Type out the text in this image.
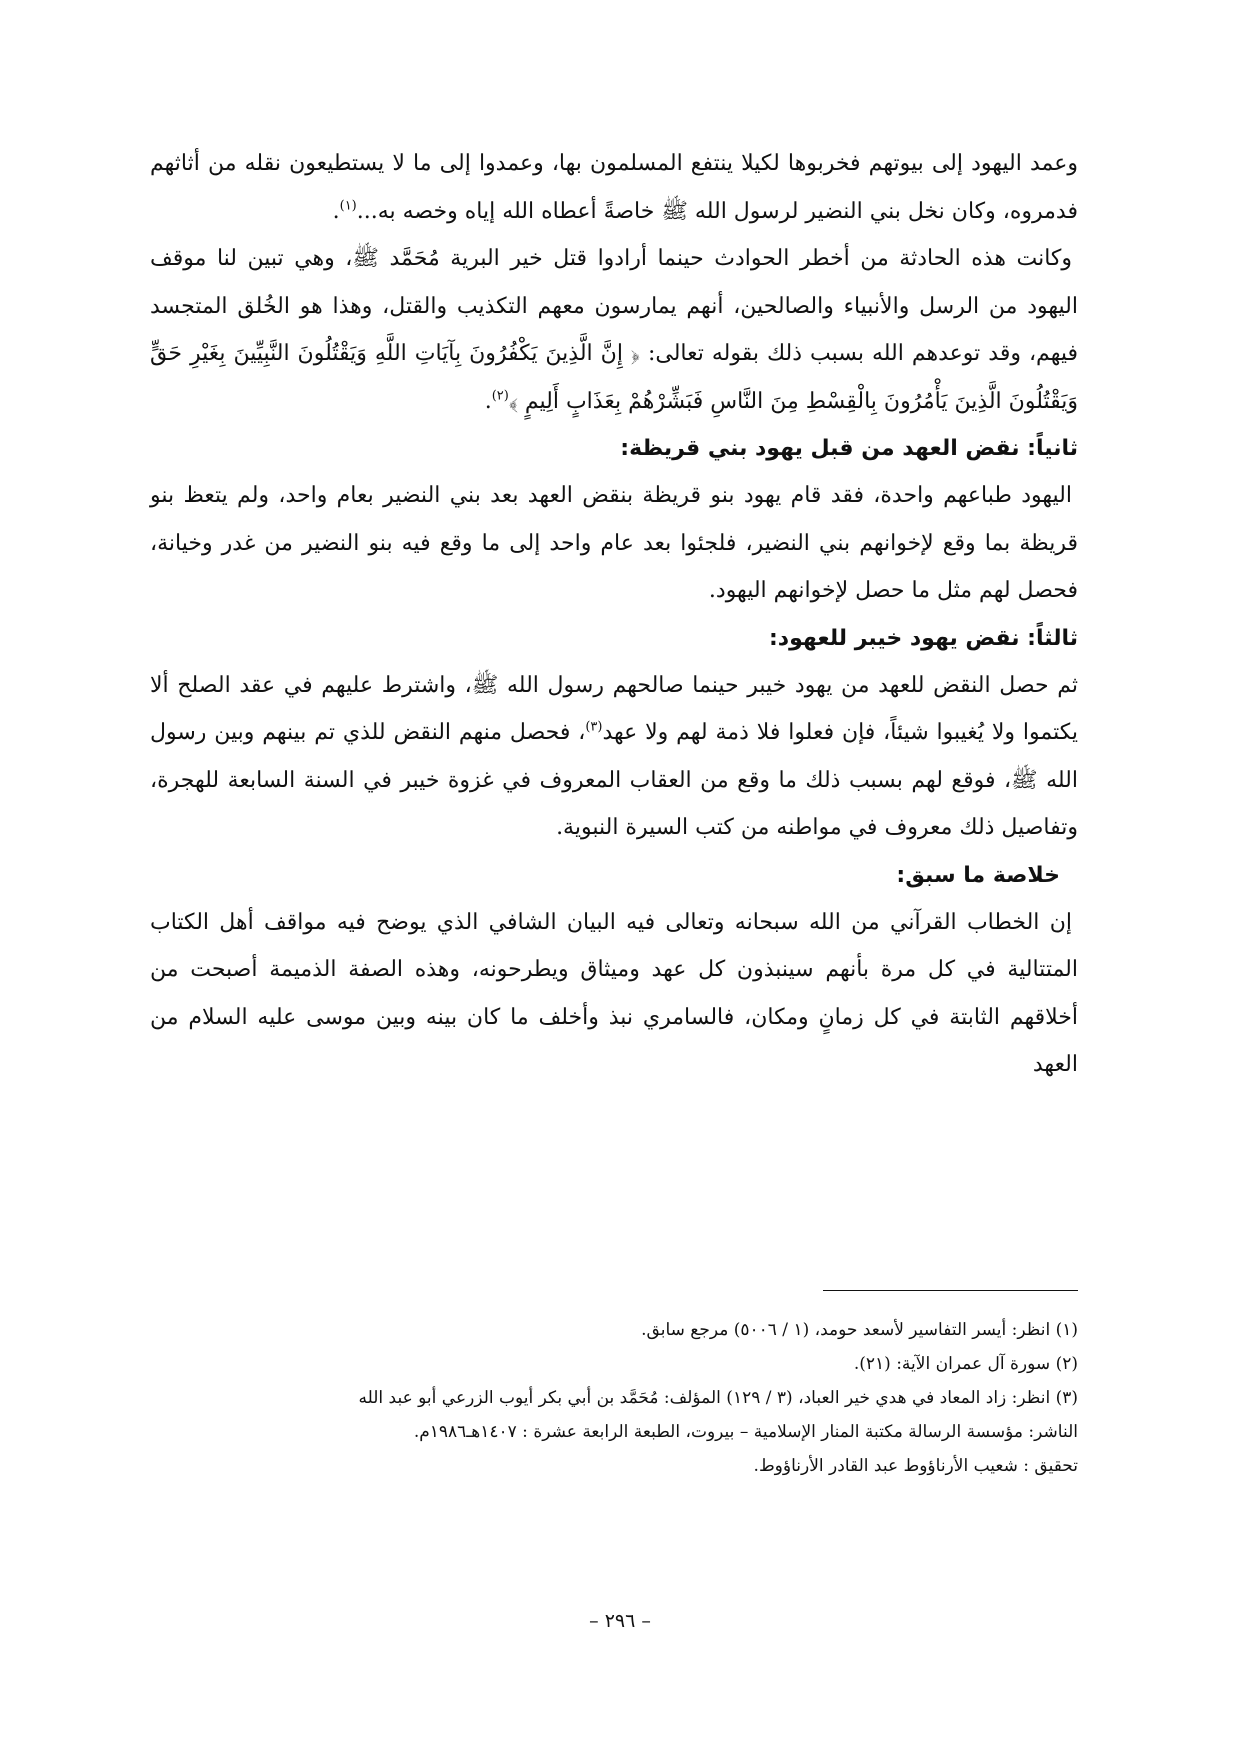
وعمد اليهود إلى بيوتهم فخربوها لكيلا ينتفع المسلمون بها، وعمدوا إلى ما لا يستطيعون نقله من أثاثهم فدمروه، وكان نخل بني النضير لرسول الله ﷺ خاصةً أعطاه الله إياه وخصه به...$^{(١)}$.

وكانت هذه الحادثة من أخطر الحوادث حينما أرادوا قتل خير البرية مُحَمَّد ﷺ، وهي تبين لنا موقف اليهود من الرسل والأنبياء والصالحين، أنهم يمارسون معهم التكذيب والقتل، وهذا هو الخُلق المتجسد فيهم، وقد توعدهم الله بسبب ذلك بقوله تعالى: ﴿ إِنَّ الَّذِينَ يَكْفُرُونَ بِآيَاتِ اللَّهِ وَيَقْتُلُونَ النَّبِيِّينَ بِغَيْرِ حَقٍّ وَيَقْتُلُونَ الَّذِينَ يَأْمُرُونَ بِالْقِسْطِ مِنَ النَّاسِ فَبَشِّرْهُمْ بِعَذَابٍ أَلِيمٍ ﴾$^{(٢)}$.

ثانياً: نقض العهد من قبل يهود بني قريظة:

اليهود طباعهم واحدة، فقد قام يهود بنو قريظة بنقض العهد بعد بني النضير بعام واحد، ولم يتعظ بنو قريظة بما وقع لإخوانهم بني النضير، فلجئوا بعد عام واحد إلى ما وقع فيه بنو النضير من غدر وخيانة، فحصل لهم مثل ما حصل لإخوانهم اليهود.

ثالثاً: نقض يهود خيبر للعهود:

ثم حصل النقض للعهد من يهود خيبر حينما صالحهم رسول الله ﷺ، واشترط عليهم في عقد الصلح ألا يكتموا ولا يُغيبوا شيئاً، فإن فعلوا فلا ذمة لهم ولا عهد$^{(٣)}$، فحصل منهم النقض للذي تم بينهم وبين رسول الله ﷺ، فوقع لهم بسبب ذلك ما وقع من العقاب المعروف في غزوة خيبر في السنة السابعة للهجرة، وتفاصيل ذلك معروف في مواطنه من كتب السيرة النبوية.

خلاصة ما سبق:

إن الخطاب القرآني من الله سبحانه وتعالى فيه البيان الشافي الذي يوضح فيه مواقف أهل الكتاب المتتالية في كل مرة بأنهم سينبذون كل عهد وميثاق ويطرحونه، وهذه الصفة الذميمة أصبحت من أخلاقهم الثابتة في كل زمانٍ ومكان، فالسامري نبذ وأخلف ما كان بينه وبين موسى عليه السلام من العهد

(١) انظر: أيسر التفاسير لأسعد حومد، (١ / ٥٠٠٦) مرجع سابق.

(٢) سورة آل عمران الآية: (٢١).

(٣) انظر: زاد المعاد في هدي خير العباد، (٣ / ١٢٩) المؤلف: مُحَمَّد بن أبي بكر أيوب الزرعي أبو عبد الله

الناشر: مؤسسة الرسالة مكتبة المنار الإسلامية – بيروت، الطبعة الرابعة عشرة : ١٤٠٧هـ١٩٨٦م.

تحقيق : شعيب الأرناؤوط عبد القادر الأرناؤوط.

– ٢٩٦ –
